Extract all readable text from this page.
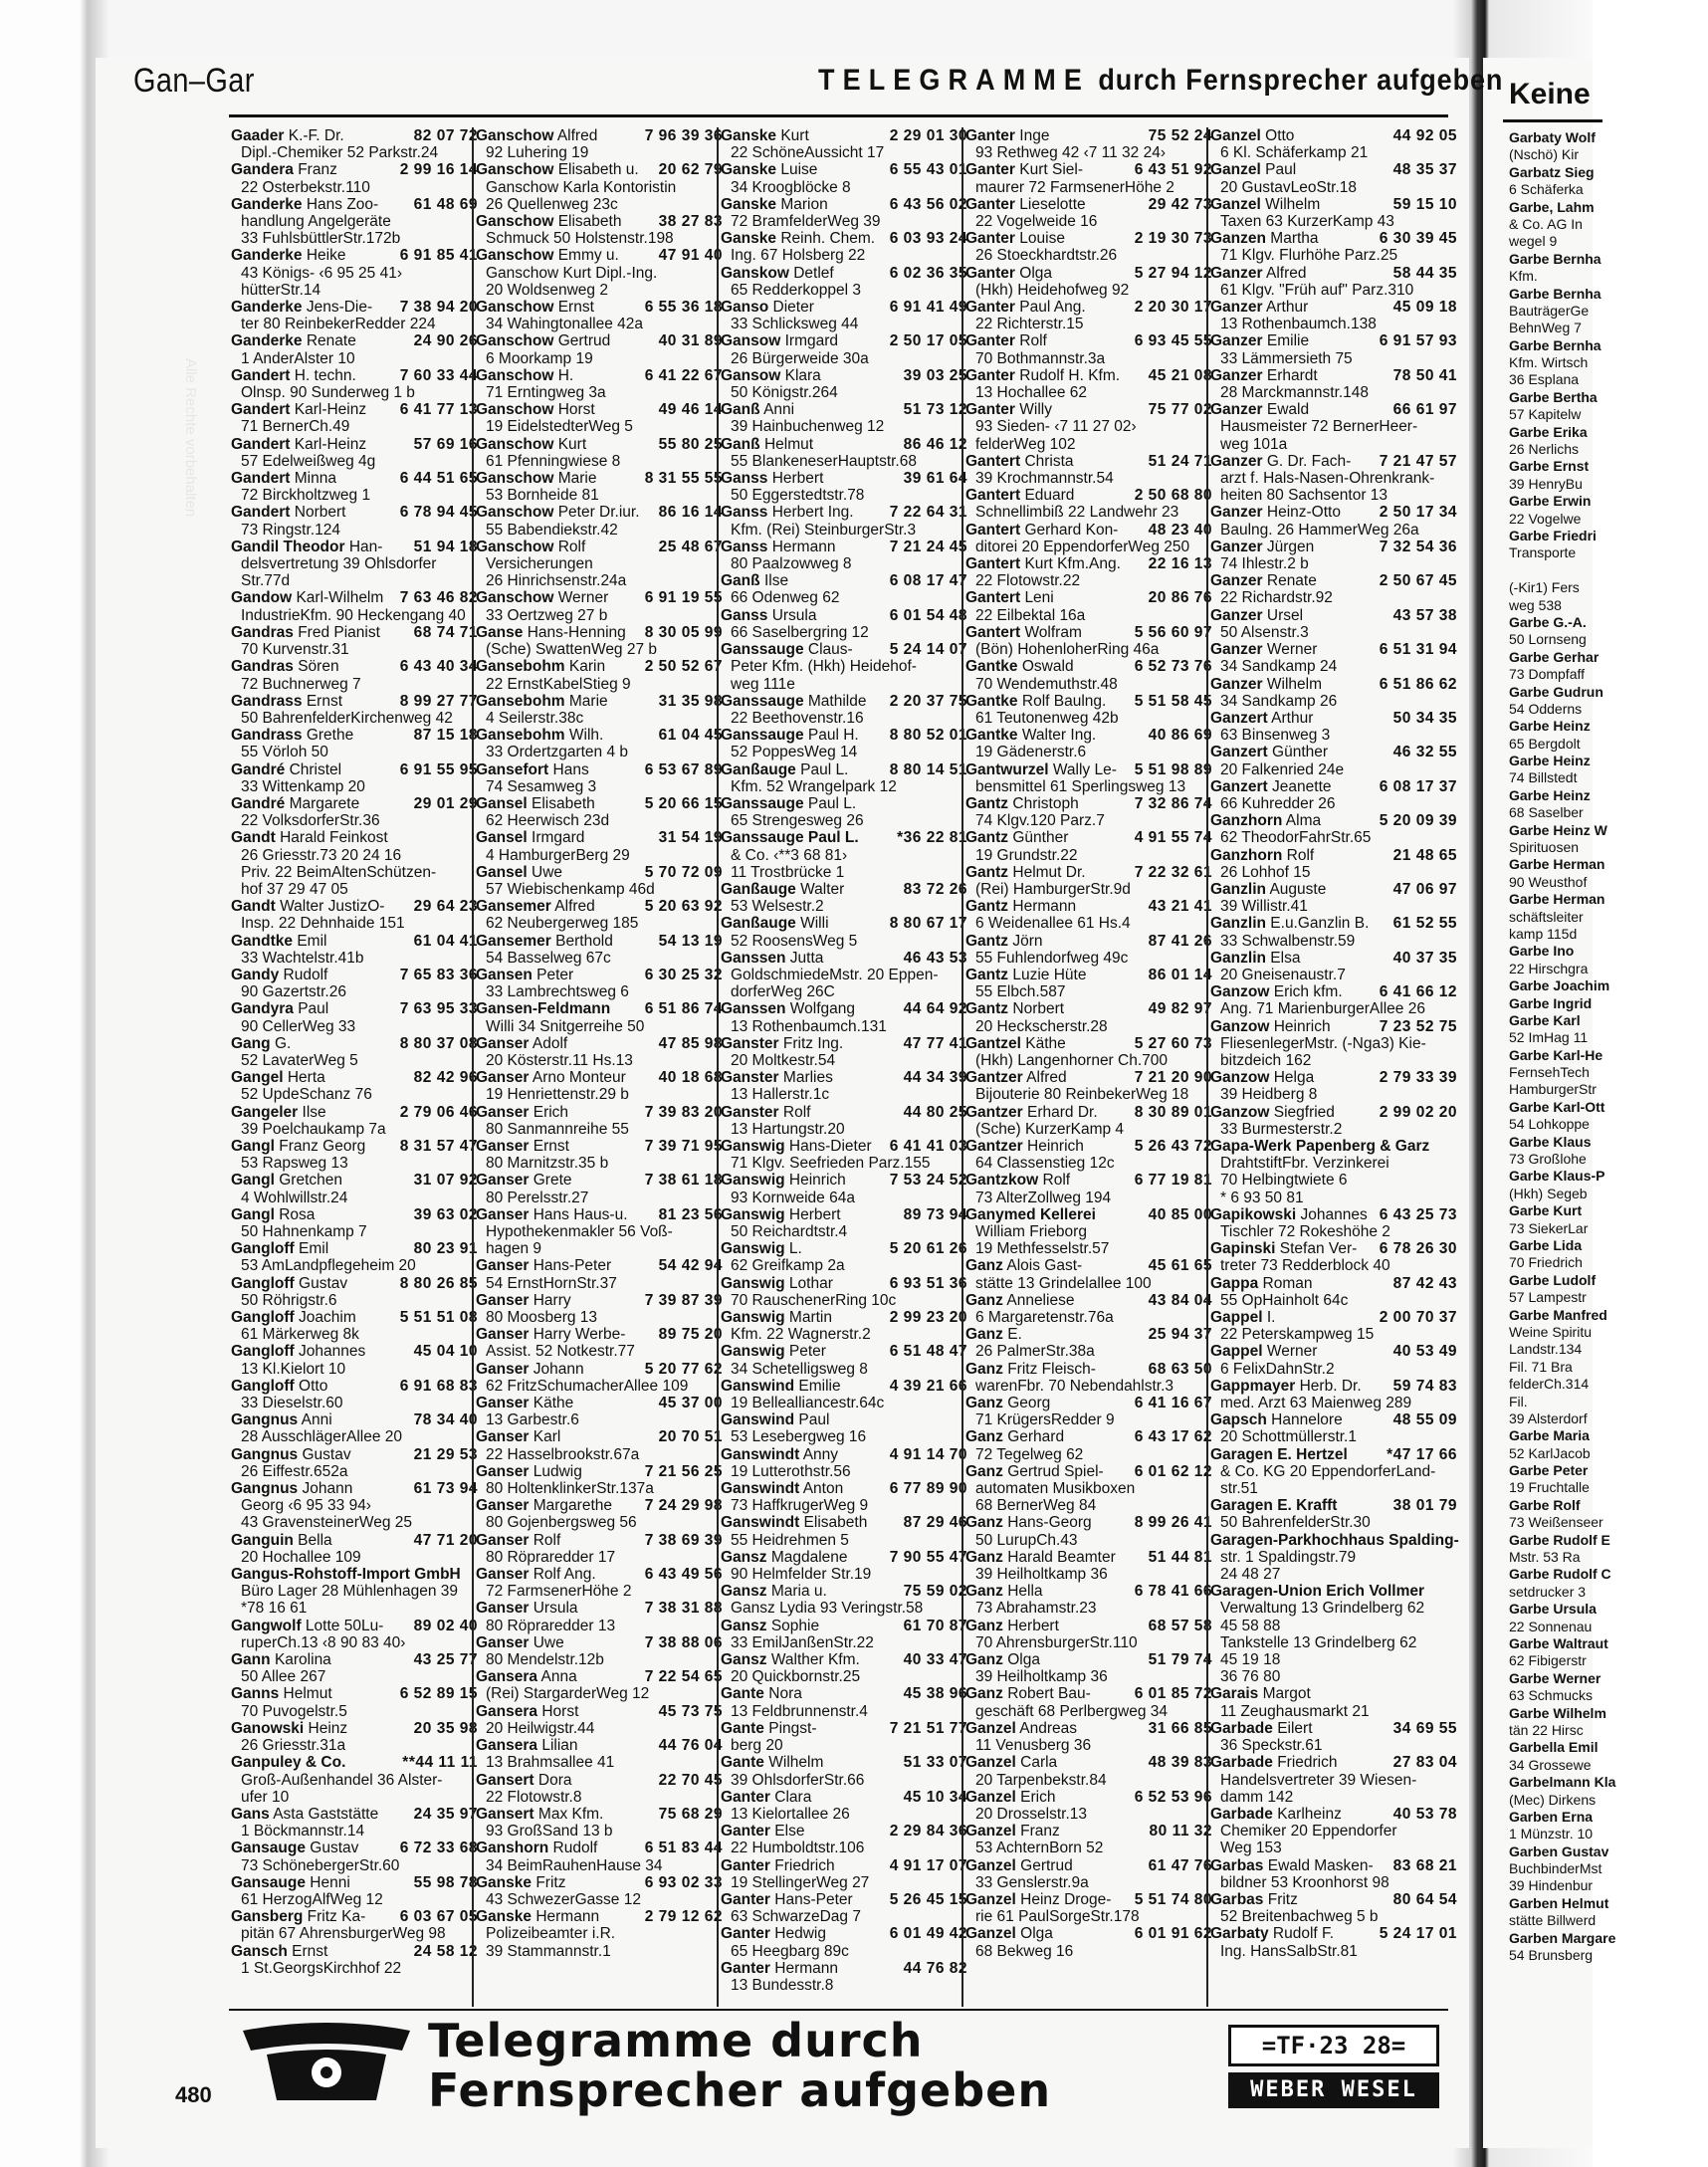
Keine
Garbaty Wolf
(Nschö) Kir
Garbatz Sieg
6 Schäferka
Garbe, Lahm
& Co. AG In
wegel 9
Garbe Bernha
Kfm.
Garbe Bernha
BauträgerGe
BehnWeg 7
Garbe Bernha
Kfm. Wirtsch
36 Esplana
Garbe Bertha
57 Kapitelw
Garbe Erika
26 Nerlichs
Garbe Ernst
39 HenryBu
Garbe Erwin
22 Vogelwe
Garbe Friedri
Transporte
(-Kir1) Fers
weg 538
Garbe G.-A.
50 Lornseng
Garbe Gerhar
73 Dompfaff
Garbe Gudrun
54 Odderns
Garbe Heinz
65 Bergdolt
Garbe Heinz
74 Billstedt
Garbe Heinz
68 Saselber
Garbe Heinz W
Spirituosen
Garbe Herman
90 Weusthof
Garbe Herman
schäftsleiter
kamp 115d
Garbe Ino
22 Hirschgra
Garbe Joachim
Garbe Ingrid
Garbe Karl
52 ImHag 11
Garbe Karl-He
FernsehTech
HamburgerStr
Garbe Karl-Ott
54 Lohkoppe
Garbe Klaus
73 Großlohe
Garbe Klaus-P
(Hkh) Segeb
Garbe Kurt
73 SiekerLar
Garbe Lida
70 Friedrich
Garbe Ludolf
57 Lampestr
Garbe Manfred
Weine Spiritu
Landstr.134
Fil. 71 Bra
felderCh.314
Fil.
39 Alsterdorf
Garbe Maria
52 KarlJacob
Garbe Peter
19 Fruchtalle
Garbe Rolf
73 Weißenseer
Garbe Rudolf E
Mstr. 53 Ra
Garbe Rudolf C
setdrucker 3
Garbe Ursula
22 Sonnenau
Garbe Waltraut
62 Fibigerstr
Garbe Werner
63 Schmucks
Garbe Wilhelm
tän 22 Hirsc
Garbella Emil
34 Grossewe
Garbelmann Kla
(Mec) Dirkens
Garben Erna
1 Münzstr. 10
Garben Gustav
BuchbinderMst
39 Hindenbur
Garben Helmut
stätte Billwerd
Garben Margare
54 Brunsberg
Gan–Gar	TELEGRAMME durch Fernsprecher aufgeben
82 07 72
Gaader K.-F. Dr.
Dipl.-Chemiker 52 Parkstr.24
2 99 16 14
Gandera Franz
22 Osterbekstr.110
61 48 69
Ganderke Hans Zoo-
handlung Angelgeräte
33 FuhlsbüttlerStr.172b
6 91 85 41
Ganderke Heike
43 Königs- ‹6 95 25 41›
hütterStr.14
7 38 94 20
Ganderke Jens-Die-
ter 80 ReinbekerRedder 224
24 90 26
Ganderke Renate
1 AnderAlster 10
7 60 33 44
Gandert H. techn.
Olnsp. 90 Sunderweg 1 b
6 41 77 13
Gandert Karl-Heinz
71 BernerCh.49
57 69 16
Gandert Karl-Heinz
57 Edelweißweg 4g
6 44 51 65
Gandert Minna
72 Birckholtzweg 1
6 78 94 45
Gandert Norbert
73 Ringstr.124
51 94 18
Gandil Theodor Han-
delsvertretung 39 Ohlsdorfer
Str.77d
7 63 46 82
Gandow Karl-Wilhelm
IndustrieKfm. 90 Heckengang 40
68 74 71
Gandras Fred Pianist
70 Kurvenstr.31
6 43 40 34
Gandras Sören
72 Buchnerweg 7
8 99 27 77
Gandrass Ernst
50 BahrenfelderKirchenweg 42
87 15 18
Gandrass Grethe
55 Vörloh 50
6 91 55 95
Gandré Christel
33 Wittenkamp 20
29 01 29
Gandré Margarete
22 VolksdorferStr.36
Gandt Harald Feinkost
26 Griesstr.73 20 24 16
Priv. 22 BeimAltenSchützen-
hof 37 29 47 05
29 64 23
Gandt Walter JustizO-
Insp. 22 Dehnhaide 151
61 04 41
Gandtke Emil
33 Wachtelstr.41b
7 65 83 36
Gandy Rudolf
90 Gazertstr.26
7 63 95 33
Gandyra Paul
90 CellerWeg 33
8 80 37 08
Gang G.
52 LavaterWeg 5
82 42 96
Gangel Herta
52 UpdeSchanz 76
2 79 06 46
Gangeler Ilse
39 Poelchaukamp 7a
8 31 57 47
Gangl Franz Georg
53 Rapsweg 13
31 07 92
Gangl Gretchen
4 Wohlwillstr.24
39 63 02
Gangl Rosa
50 Hahnenkamp 7
80 23 91
Gangloff Emil
53 AmLandpflegeheim 20
8 80 26 85
Gangloff Gustav
50 Röhrigstr.6
5 51 51 08
Gangloff Joachim
61 Märkerweg 8k
45 04 10
Gangloff Johannes
13 Kl.Kielort 10
6 91 68 83
Gangloff Otto
33 Dieselstr.60
78 34 40
Gangnus Anni
28 AusschlägerAllee 20
21 29 53
Gangnus Gustav
26 Eiffestr.652a
61 73 94
Gangnus Johann
Georg ‹6 95 33 94›
43 GravensteinerWeg 25
47 71 20
Ganguin Bella
20 Hochallee 109
Gangus-Rohstoff-Import GmbH
Büro Lager 28 Mühlenhagen 39
*78 16 61
89 02 40
Gangwolf Lotte 50Lu-
ruperCh.13 ‹8 90 83 40›
43 25 77
Gann Karolina
50 Allee 267
6 52 89 15
Ganns Helmut
70 Puvogelstr.5
20 35 98
Ganowski Heinz
26 Griesstr.31a
**44 11 11
Ganpuley & Co.
Groß-Außenhandel 36 Alster-
ufer 10
24 35 97
Gans Asta Gaststätte
1 Böckmannstr.14
6 72 33 68
Gansauge Gustav
73 SchönebergerStr.60
55 98 78
Gansauge Henni
61 HerzogAlfWeg 12
6 03 67 05
Gansberg Fritz Ka-
pitän 67 AhrensburgerWeg 98
24 58 12
Gansch Ernst
1 St.GeorgsKirchhof 22
7 96 39 36
Ganschow Alfred
92 Luhering 19
20 62 79
Ganschow Elisabeth u.
Ganschow Karla Kontoristin
26 Quellenweg 23c
38 27 83
Ganschow Elisabeth
Schmuck 50 Holstenstr.198
47 91 40
Ganschow Emmy u.
Ganschow Kurt Dipl.-Ing.
20 Woldsenweg 2
6 55 36 18
Ganschow Ernst
34 Wahingtonallee 42a
40 31 89
Ganschow Gertrud
6 Moorkamp 19
6 41 22 67
Ganschow H.
71 Erntingweg 3a
49 46 14
Ganschow Horst
19 EidelstedterWeg 5
55 80 25
Ganschow Kurt
61 Pfenningwiese 8
8 31 55 55
Ganschow Marie
53 Bornheide 81
86 16 14
Ganschow Peter Dr.iur.
55 Babendiekstr.42
25 48 67
Ganschow Rolf
Versicherungen
26 Hinrichsenstr.24a
6 91 19 55
Ganschow Werner
33 Oertzweg 27 b
8 30 05 99
Ganse Hans-Henning
(Sche) SwattenWeg 27 b
2 50 52 67
Gansebohm Karin
22 ErnstKabelStieg 9
31 35 98
Gansebohm Marie
4 Seilerstr.38c
61 04 45
Gansebohm Wilh.
33 Ordertzgarten 4 b
6 53 67 89
Gansefort Hans
74 Sesamweg 3
5 20 66 15
Gansel Elisabeth
62 Heerwisch 23d
31 54 19
Gansel Irmgard
4 HamburgerBerg 29
5 70 72 09
Gansel Uwe
57 Wiebischenkamp 46d
5 20 63 92
Gansemer Alfred
62 Neubergerweg 185
54 13 19
Gansemer Berthold
54 Basselweg 67c
6 30 25 32
Gansen Peter
33 Lambrechtsweg 6
6 51 86 74
Gansen-Feldmann
Willi 34 Snitgerreihe 50
47 85 98
Ganser Adolf
20 Kösterstr.11 Hs.13
40 18 68
Ganser Arno Monteur
19 Henriettenstr.29 b
7 39 83 20
Ganser Erich
80 Sanmannreihe 55
7 39 71 95
Ganser Ernst
80 Marnitzstr.35 b
7 38 61 18
Ganser Grete
80 Perelsstr.27
81 23 56
Ganser Hans Haus-u.
Hypothekenmakler 56 Voß-
hagen 9
54 42 94
Ganser Hans-Peter
54 ErnstHornStr.37
7 39 87 39
Ganser Harry
80 Moosberg 13
89 75 20
Ganser Harry Werbe-
Assist. 52 Notkestr.77
5 20 77 62
Ganser Johann
62 FritzSchumacherAllee 109
45 37 00
Ganser Käthe
13 Garbestr.6
20 70 51
Ganser Karl
22 Hasselbrookstr.67a
7 21 56 25
Ganser Ludwig
80 HoltenklinkerStr.137a
7 24 29 98
Ganser Margarethe
80 Gojenbergsweg 56
7 38 69 39
Ganser Rolf
80 Röpraredder 17
6 43 49 56
Ganser Rolf Ang.
72 FarmsenerHöhe 2
7 38 31 88
Ganser Ursula
80 Röpraredder 13
7 38 88 06
Ganser Uwe
80 Mendelstr.12b
7 22 54 65
Gansera Anna
(Rei) StargarderWeg 12
45 73 75
Gansera Horst
20 Heilwigstr.44
44 76 04
Gansera Lilian
13 Brahmsallee 41
22 70 45
Gansert Dora
22 Flotowstr.8
75 68 29
Gansert Max Kfm.
93 GroßSand 13 b
6 51 83 44
Ganshorn Rudolf
34 BeimRauhenHause 34
6 93 02 33
Ganske Fritz
43 SchwezerGasse 12
2 79 12 62
Ganske Hermann
Polizeibeamter i.R.
39 Stammannstr.1
2 29 01 30
Ganske Kurt
22 SchöneAussicht 17
6 55 43 01
Ganske Luise
34 Kroogblöcke 8
6 43 56 02
Ganske Marion
72 BramfelderWeg 39
6 03 93 24
Ganske Reinh. Chem.
Ing. 67 Holsberg 22
6 02 36 35
Ganskow Detlef
65 Redderkoppel 3
6 91 41 49
Ganso Dieter
33 Schlicksweg 44
2 50 17 05
Gansow Irmgard
26 Bürgerweide 30a
39 03 25
Gansow Klara
50 Königstr.264
51 73 12
Ganß Anni
39 Hainbuchenweg 12
86 46 12
Ganß Helmut
55 BlankeneserHauptstr.68
39 61 64
Ganss Herbert
50 Eggerstedtstr.78
7 22 64 31
Ganss Herbert Ing.
Kfm. (Rei) SteinburgerStr.3
7 21 24 45
Ganss Hermann
80 Paalzowweg 8
6 08 17 47
Ganß Ilse
66 Odenweg 62
6 01 54 48
Ganss Ursula
66 Saselbergring 12
5 24 14 07
Ganssauge Claus-
Peter Kfm. (Hkh) Heidehof-
weg 111e
2 20 37 75
Ganssauge Mathilde
22 Beethovenstr.16
8 80 52 01
Ganssauge Paul H.
52 PoppesWeg 14
8 80 14 51
Ganßauge Paul L.
Kfm. 52 Wrangelpark 12
Ganssauge Paul L.
65 Strengesweg 26
*36 22 81
Ganssauge Paul L.
& Co. ‹**3 68 81›
11 Trostbrücke 1
83 72 26
Ganßauge Walter
53 Welsestr.2
8 80 67 17
Ganßauge Willi
52 RoosensWeg 5
46 43 53
Ganssen Jutta
GoldschmiedeMstr. 20 Eppen-
dorferWeg 26C
44 64 92
Ganssen Wolfgang
13 Rothenbaumch.131
47 77 41
Ganster Fritz Ing.
20 Moltkestr.54
44 34 39
Ganster Marlies
13 Hallerstr.1c
44 80 25
Ganster Rolf
13 Hartungstr.20
6 41 41 03
Ganswig Hans-Dieter
71 Klgv. Seefrieden Parz.155
7 53 24 52
Ganswig Heinrich
93 Kornweide 64a
89 73 94
Ganswig Herbert
50 Reichardtstr.4
5 20 61 26
Ganswig L.
62 Greifkamp 2a
6 93 51 36
Ganswig Lothar
70 RauschenerRing 10c
2 99 23 20
Ganswig Martin
Kfm. 22 Wagnerstr.2
6 51 48 47
Ganswig Peter
34 Schetelligsweg 8
4 39 21 66
Ganswind Emilie
19 Bellealliancestr.64c
Ganswind Paul
53 Lesebergweg 16
4 91 14 70
Ganswindt Anny
19 Lutterothstr.56
6 77 89 90
Ganswindt Anton
73 HaffkrugerWeg 9
87 29 46
Ganswindt Elisabeth
55 Heidrehmen 5
7 90 55 47
Gansz Magdalene
90 Helmfelder Str.19
75 59 02
Gansz Maria u.
Gansz Lydia 93 Veringstr.58
61 70 87
Gansz Sophie
33 EmilJanßenStr.22
40 33 47
Gansz Walther Kfm.
20 Quickbornstr.25
45 38 96
Gante Nora
13 Feldbrunnenstr.4
7 21 51 77
Gante Pingst-
berg 20
51 33 07
Gante Wilhelm
39 OhlsdorferStr.66
45 10 34
Ganter Clara
13 Kielortallee 26
2 29 84 36
Ganter Else
22 Humboldtstr.106
4 91 17 07
Ganter Friedrich
19 StellingerWeg 27
5 26 45 15
Ganter Hans-Peter
63 SchwarzeDag 7
6 01 49 42
Ganter Hedwig
65 Heegbarg 89c
44 76 82
Ganter Hermann
13 Bundesstr.8
75 52 24
Ganter Inge
93 Rethweg 42 ‹7 11 32 24›
6 43 51 92
Ganter Kurt Siel-
maurer 72 FarmsenerHöhe 2
29 42 73
Ganter Lieselotte
22 Vogelweide 16
2 19 30 73
Ganter Louise
26 Stoeckhardtstr.26
5 27 94 12
Ganter Olga
(Hkh) Heidehofweg 92
2 20 30 17
Ganter Paul Ang.
22 Richterstr.15
6 93 45 55
Ganter Rolf
70 Bothmannstr.3a
45 21 08
Ganter Rudolf H. Kfm.
13 Hochallee 62
75 77 02
Ganter Willy
93 Sieden- ‹7 11 27 02›
felderWeg 102
51 24 71
Gantert Christa
39 Krochmannstr.54
2 50 68 80
Gantert Eduard
Schnellimbiß 22 Landwehr 23
48 23 40
Gantert Gerhard Kon-
ditorei 20 EppendorferWeg 250
22 16 13
Gantert Kurt Kfm.Ang.
22 Flotowstr.22
20 86 76
Gantert Leni
22 Eilbektal 16a
5 56 60 97
Gantert Wolfram
(Bön) HohenloherRing 46a
6 52 73 76
Gantke Oswald
70 Wendemuthstr.48
5 51 58 45
Gantke Rolf Baulng.
61 Teutonenweg 42b
40 86 69
Gantke Walter Ing.
19 Gädenerstr.6
5 51 98 89
Gantwurzel Wally Le-
bensmittel 61 Sperlingsweg 13
7 32 86 74
Gantz Christoph
74 Klgv.120 Parz.7
4 91 55 74
Gantz Günther
19 Grundstr.22
7 22 32 61
Gantz Helmut Dr.
(Rei) HamburgerStr.9d
43 21 41
Gantz Hermann
6 Weidenallee 61 Hs.4
87 41 26
Gantz Jörn
55 Fuhlendorfweg 49c
86 01 14
Gantz Luzie Hüte
55 Elbch.587
49 82 97
Gantz Norbert
20 Heckscherstr.28
5 27 60 73
Gantzel Käthe
(Hkh) Langenhorner Ch.700
7 21 20 90
Gantzer Alfred
Bijouterie 80 ReinbekerWeg 18
8 30 89 01
Gantzer Erhard Dr.
(Sche) KurzerKamp 4
5 26 43 72
Gantzer Heinrich
64 Classenstieg 12c
6 77 19 81
Gantzkow Rolf
73 AlterZollweg 194
40 85 00
Ganymed Kellerei
William Frieborg
19 Methfesselstr.57
45 61 65
Ganz Alois Gast-
stätte 13 Grindelallee 100
43 84 04
Ganz Anneliese
6 Margaretenstr.76a
25 94 37
Ganz E.
26 PalmerStr.38a
68 63 50
Ganz Fritz Fleisch-
warenFbr. 70 Nebendahlstr.3
6 41 16 67
Ganz Georg
71 KrügersRedder 9
6 43 17 62
Ganz Gerhard
72 Tegelweg 62
6 01 62 12
Ganz Gertrud Spiel-
automaten Musikboxen
68 BernerWeg 84
8 99 26 41
Ganz Hans-Georg
50 LurupCh.43
51 44 81
Ganz Harald Beamter
39 Heilholtkamp 36
6 78 41 66
Ganz Hella
73 Abrahamstr.23
68 57 58
Ganz Herbert
70 AhrensburgerStr.110
51 79 74
Ganz Olga
39 Heilholtkamp 36
6 01 85 72
Ganz Robert Bau-
geschäft 68 Perlbergweg 34
31 66 85
Ganzel Andreas
11 Venusberg 36
48 39 83
Ganzel Carla
20 Tarpenbekstr.84
6 52 53 96
Ganzel Erich
20 Drosselstr.13
80 11 32
Ganzel Franz
53 AchternBorn 52
61 47 76
Ganzel Gertrud
33 Genslerstr.9a
5 51 74 80
Ganzel Heinz Droge-
rie 61 PaulSorgeStr.178
6 01 91 62
Ganzel Olga
68 Bekweg 16
44 92 05
Ganzel Otto
6 Kl. Schäferkamp 21
48 35 37
Ganzel Paul
20 GustavLeoStr.18
59 15 10
Ganzel Wilhelm
Taxen 63 KurzerKamp 43
6 30 39 45
Ganzen Martha
71 Klgv. Flurhöhe Parz.25
58 44 35
Ganzer Alfred
61 Klgv. "Früh auf" Parz.310
45 09 18
Ganzer Arthur
13 Rothenbaumch.138
6 91 57 93
Ganzer Emilie
33 Lämmersieth 75
78 50 41
Ganzer Erhardt
28 Marckmannstr.148
66 61 97
Ganzer Ewald
Hausmeister 72 BernerHeer-
weg 101a
7 21 47 57
Ganzer G. Dr. Fach-
arzt f. Hals-Nasen-Ohrenkrank-
heiten 80 Sachsentor 13
2 50 17 34
Ganzer Heinz-Otto
Baulng. 26 HammerWeg 26a
7 32 54 36
Ganzer Jürgen
74 Ihlestr.2 b
2 50 67 45
Ganzer Renate
22 Richardstr.92
43 57 38
Ganzer Ursel
50 Alsenstr.3
6 51 31 94
Ganzer Werner
34 Sandkamp 24
6 51 86 62
Ganzer Wilhelm
34 Sandkamp 26
50 34 35
Ganzert Arthur
63 Binsenweg 3
46 32 55
Ganzert Günther
20 Falkenried 24e
6 08 17 37
Ganzert Jeanette
66 Kuhredder 26
5 20 09 39
Ganzhorn Alma
62 TheodorFahrStr.65
21 48 65
Ganzhorn Rolf
26 Lohhof 15
47 06 97
Ganzlin Auguste
39 Willistr.41
61 52 55
Ganzlin E.u.Ganzlin B.
33 Schwalbenstr.59
40 37 35
Ganzlin Elsa
20 Gneisenaustr.7
6 41 66 12
Ganzow Erich kfm.
Ang. 71 MarienburgerAllee 26
7 23 52 75
Ganzow Heinrich
FliesenlegerMstr. (-Nga3) Kie-
bitzdeich 162
2 79 33 39
Ganzow Helga
39 Heidberg 8
2 99 02 20
Ganzow Siegfried
33 Burmesterstr.2
Gapa-Werk Papenberg & Garz
DrahtstiftFbr. Verzinkerei
70 Helbingtwiete 6
* 6 93 50 81
6 43 25 73
Gapikowski Johannes
Tischler 72 Rokeshöhe 2
6 78 26 30
Gapinski Stefan Ver-
treter 73 Redderblock 40
87 42 43
Gappa Roman
55 OpHainholt 64c
2 00 70 37
Gappel I.
22 Peterskampweg 15
40 53 49
Gappel Werner
6 FelixDahnStr.2
59 74 83
Gappmayer Herb. Dr.
med. Arzt 63 Maienweg 289
48 55 09
Gapsch Hannelore
20 Schottmüllerstr.1
*47 17 66
Garagen E. Hertzel
& Co. KG 20 EppendorferLand-
str.51
38 01 79
Garagen E. Krafft
50 BahrenfelderStr.30
Garagen-Parkhochhaus Spalding-
str. 1 Spaldingstr.79
24 48 27
Garagen-Union Erich Vollmer
Verwaltung 13 Grindelberg 62
45 58 88
Tankstelle 13 Grindelberg 62
45 19 18
36 76 80
Garais Margot
11 Zeughausmarkt 21
34 69 55
Garbade Eilert
36 Speckstr.61
27 83 04
Garbade Friedrich
Handelsvertreter 39 Wiesen-
damm 142
40 53 78
Garbade Karlheinz
Chemiker 20 Eppendorfer
Weg 153
83 68 21
Garbas Ewald Masken-
bildner 53 Kroonhorst 98
80 64 54
Garbas Fritz
52 Breitenbachweg 5 b
5 24 17 01
Garbaty Rudolf F.
Ing. HansSalbStr.81
Telegramme durch
Fernsprecher aufgeben
=TF·23 28=
WEBER WESEL
480
Alle Rechte vorbehalten
